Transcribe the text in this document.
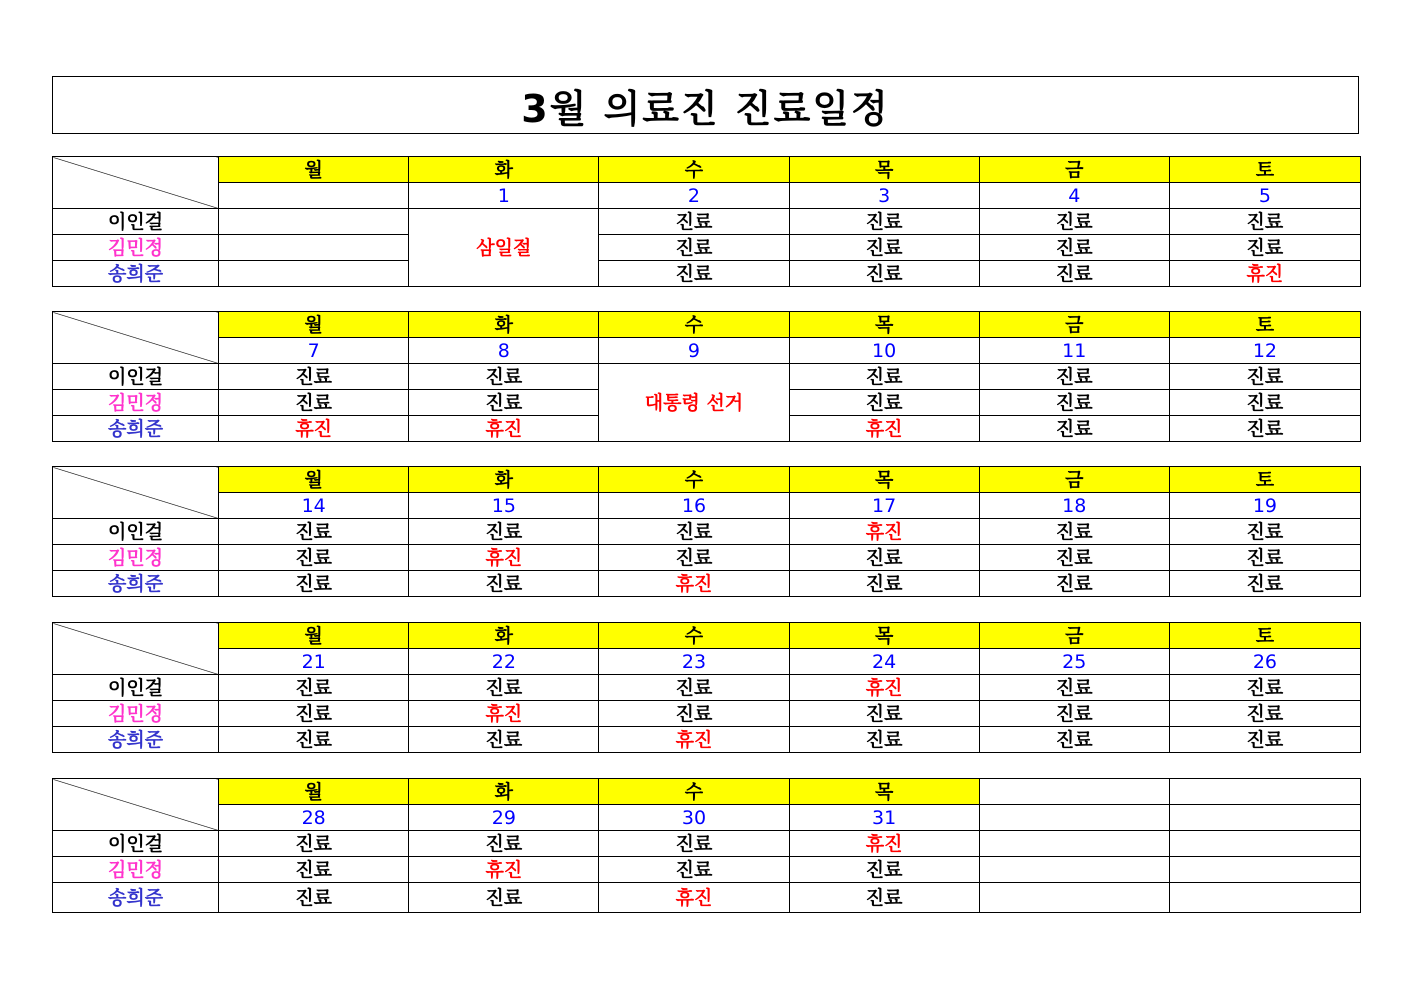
3월 의료진 진료일정
	월	화	수	목	금	토
		1	2	3	4	5
이인걸		삼일절	진료	진료	진료	진료
김민정			진료	진료	진료	진료
송희준			진료	진료	진료	휴진
	월	화	수	목	금	토
	7	8	9	10	11	12
이인걸	진료	진료	대통령 선거	진료	진료	진료
김민정	진료	진료		진료	진료	진료
송희준	휴진	휴진		휴진	진료	진료
	월	화	수	목	금	토
	14	15	16	17	18	19
이인걸	진료	진료	진료	휴진	진료	진료
김민정	진료	휴진	진료	진료	진료	진료
송희준	진료	진료	휴진	진료	진료	진료
	월	화	수	목	금	토
	21	22	23	24	25	26
이인걸	진료	진료	진료	휴진	진료	진료
김민정	진료	휴진	진료	진료	진료	진료
송희준	진료	진료	휴진	진료	진료	진료
	월	화	수	목		
	28	29	30	31		
이인걸	진료	진료	진료	휴진		
김민정	진료	휴진	진료	진료		
송희준	진료	진료	휴진	진료		
